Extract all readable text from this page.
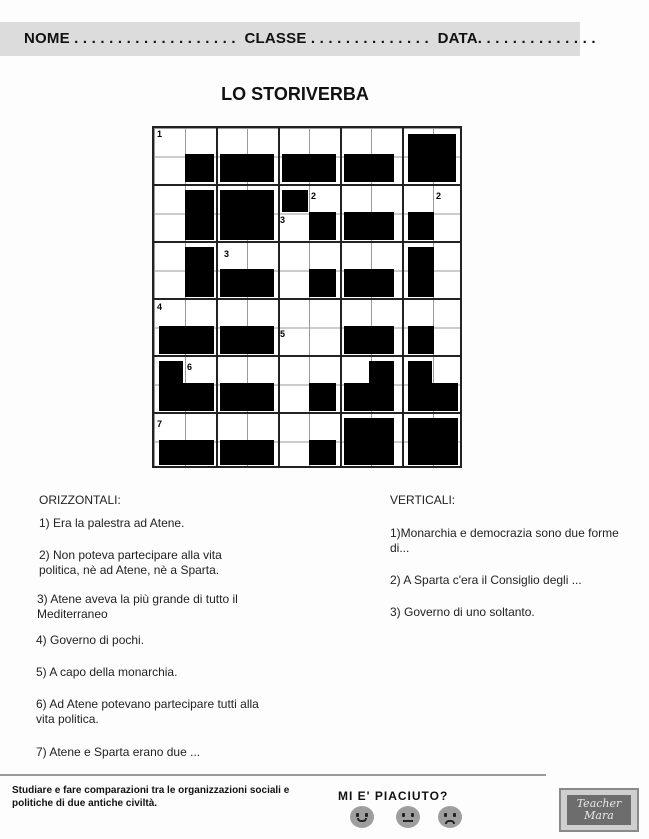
NOME . . . . . . . . . . . . . . . . . . .  CLASSE . . . . . . . . . . . . . .  DATA. . . . . . . . . . . . . .
LO STORIVERBA
1
2	2
3
3
4
5
6
7
ORIZZONTALI:
1) Era la palestra ad Atene.
2) Non poteva partecipare alla vita politica, nè ad Atene, nè a Sparta.
3) Atene aveva la più grande di tutto il Mediterraneo
4) Governo di pochi.
5) A capo della monarchia.
6) Ad Atene potevano partecipare tutti alla vita politica.
7) Atene e Sparta erano due ...
VERTICALI:
1)Monarchia e democrazia sono due forme di...
2) A Sparta c'era il Consiglio degli ...
3) Governo di uno soltanto.
Studiare e fare comparazioni tra le organizzazioni sociali e politiche di due antiche civiltà.
MI E' PIACIUTO?
Teacher Mara
